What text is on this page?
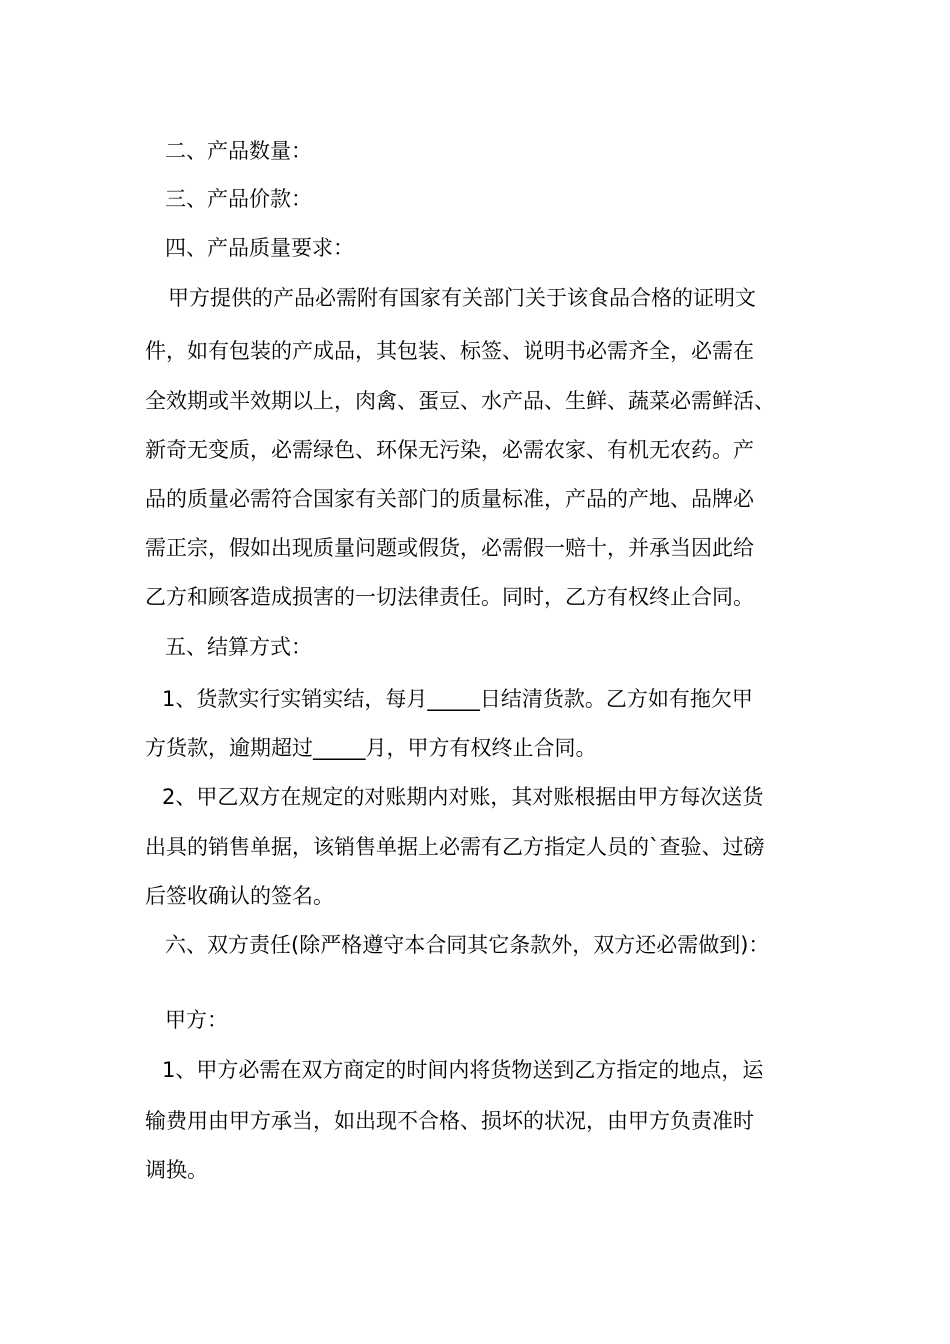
二、产品数量：
三、产品价款：
四、产品质量要求：
甲方提供的产品必需附有国家有关部门关于该食品合格的证明文
件，如有包装的产成品，其包装、标签、说明书必需齐全，必需在
全效期或半效期以上，肉禽、蛋豆、水产品、生鲜、蔬菜必需鲜活、
新奇无变质，必需绿色、环保无污染，必需农家、有机无农药。产
品的质量必需符合国家有关部门的质量标准，产品的产地、品牌必
需正宗，假如出现质量问题或假货，必需假一赔十，并承当因此给
乙方和顾客造成损害的一切法律责任。同时，乙方有权终止合同。
五、结算方式：
1、货款实行实销实结，每月_____日结清货款。乙方如有拖欠甲
方货款，逾期超过_____月，甲方有权终止合同。
2、甲乙双方在规定的对账期内对账，其对账根据由甲方每次送货
出具的销售单据，该销售单据上必需有乙方指定人员的`查验、过磅
后签收确认的签名。
六、双方责任(除严格遵守本合同其它条款外，双方还必需做到)：
甲方：
1、甲方必需在双方商定的时间内将货物送到乙方指定的地点，运
输费用由甲方承当，如出现不合格、损坏的状况，由甲方负责准时
调换。
